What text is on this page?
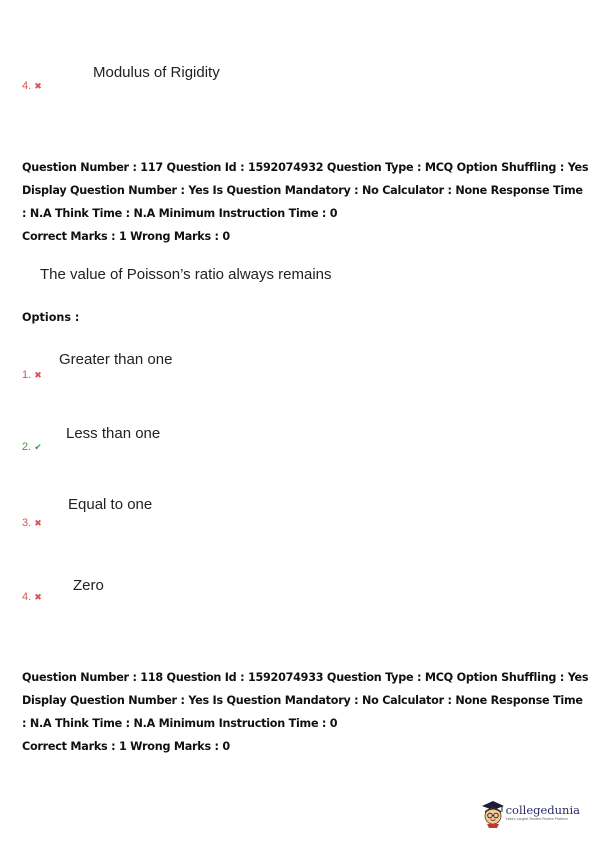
4. ✖
Modulus of Rigidity

Question Number : 117 Question Id : 1592074932 Question Type : MCQ Option Shuffling : Yes

Display Question Number : Yes Is Question Mandatory : No Calculator : None Response Time

: N.A Think Time : N.A Minimum Instruction Time : 0

Correct Marks : 1 Wrong Marks : 0

The value of Poisson’s ratio always remains
Options :
1. ✖
Greater than one
2. ✔
Less than one
3. ✖
Equal to one
4. ✖
Zero

Question Number : 118 Question Id : 1592074933 Question Type : MCQ Option Shuffling : Yes

Display Question Number : Yes Is Question Mandatory : No Calculator : None Response Time

: N.A Think Time : N.A Minimum Instruction Time : 0

Correct Marks : 1 Wrong Marks : 0

collegedunia
India's Largest Student Review Platform
